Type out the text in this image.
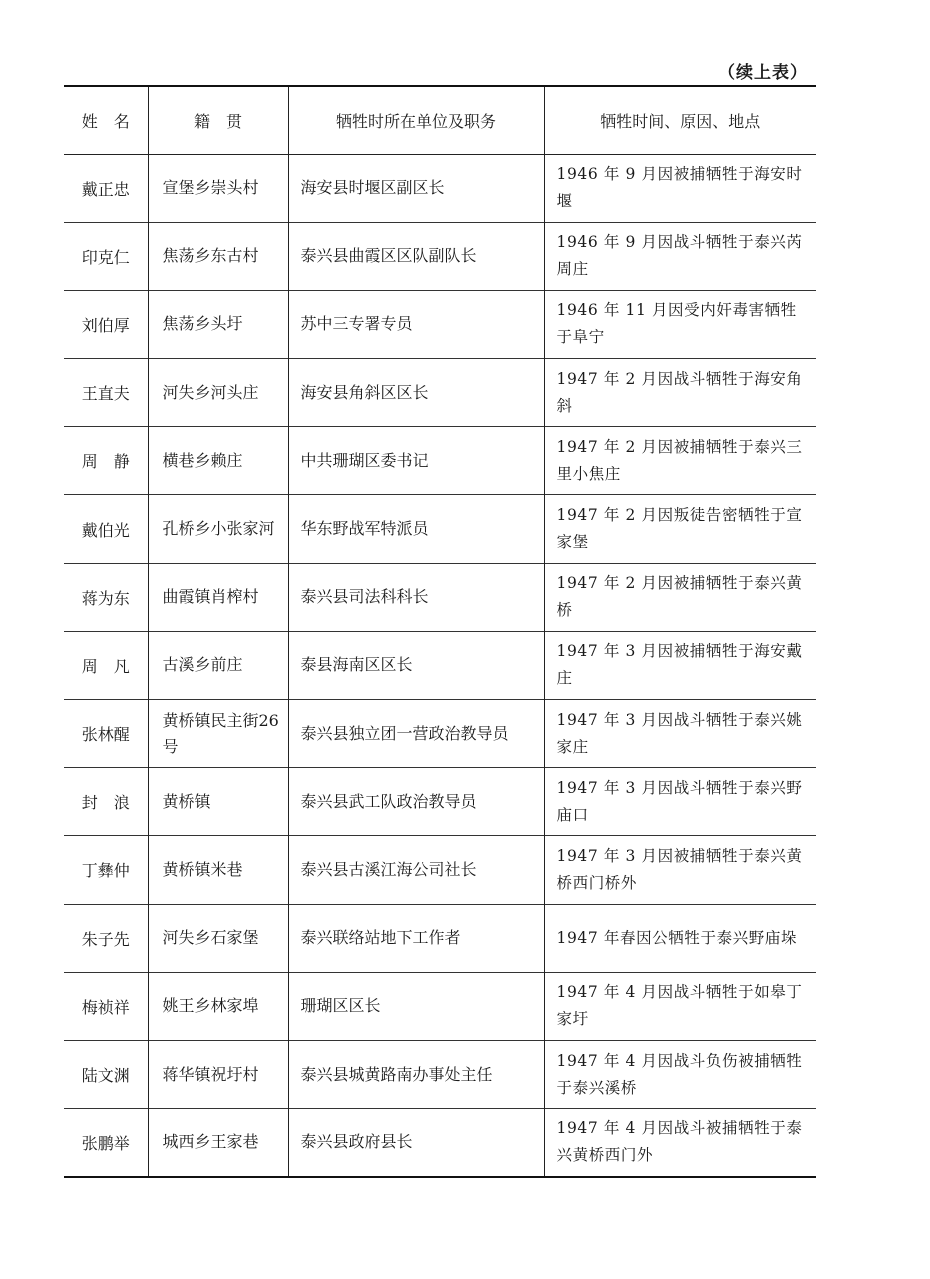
（续上表）
姓　名	籍　贯	牺牲时所在单位及职务	牺牲时间、原因、地点
戴正忠	宣堡乡崇头村	海安县时堰区副区长	1946 年 9 月因被捕牺牲于海安时堰
印克仁	焦荡乡东古村	泰兴县曲霞区区队副队长	1946 年 9 月因战斗牺牲于泰兴芮周庄
刘伯厚	焦荡乡头圩	苏中三专署专员	1946 年 11 月因受内奸毒害牺牲于阜宁
王直夫	河失乡河头庄	海安县角斜区区长	1947 年 2 月因战斗牺牲于海安角斜
周　静	横巷乡赖庄	中共珊瑚区委书记	1947 年 2 月因被捕牺牲于泰兴三里小焦庄
戴伯光	孔桥乡小张家河	华东野战军特派员	1947 年 2 月因叛徒告密牺牲于宣家堡
蒋为东	曲霞镇肖榨村	泰兴县司法科科长	1947 年 2 月因被捕牺牲于泰兴黄桥
周　凡	古溪乡前庄	泰县海南区区长	1947 年 3 月因被捕牺牲于海安戴庄
张林醒	黄桥镇民主街26号	泰兴县独立团一营政治教导员	1947 年 3 月因战斗牺牲于泰兴姚家庄
封　浪	黄桥镇	泰兴县武工队政治教导员	1947 年 3 月因战斗牺牲于泰兴野庙口
丁彝仲	黄桥镇米巷	泰兴县古溪江海公司社长	1947 年 3 月因被捕牺牲于泰兴黄桥西门桥外
朱子先	河失乡石家堡	泰兴联络站地下工作者	1947 年春因公牺牲于泰兴野庙垛
梅祯祥	姚王乡林家埠	珊瑚区区长	1947 年 4 月因战斗牺牲于如皋丁家圩
陆文渊	蒋华镇祝圩村	泰兴县城黄路南办事处主任	1947 年 4 月因战斗负伤被捕牺牲于泰兴溪桥
张鹏举	城西乡王家巷	泰兴县政府县长	1947 年 4 月因战斗被捕牺牲于泰兴黄桥西门外
